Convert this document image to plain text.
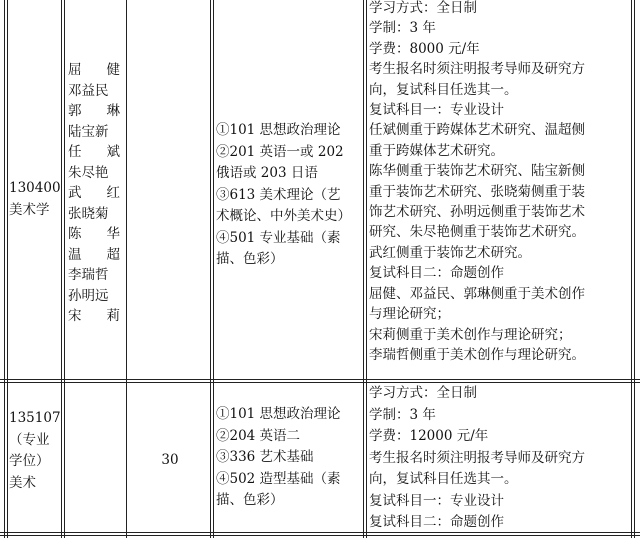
130400
美术学
屈 健
邓益民
郭 琳
陆宝新
任 斌
朱尽艳
武 红
张晓菊
陈 华
温 超
李瑞哲
孙明远
宋 莉
①101 思想政治理论
②201 英语一或 202
俄语或 203 日语
③613 美术理论（艺
术概论、中外美术史）
④501 专业基础（素
描、色彩）
学习方式：全日制
学制：3 年
学费：8000 元/年
考生报名时须注明报考导师及研究方
向，复试科目任选其一。
复试科目一：专业设计
任斌侧重于跨媒体艺术研究、温超侧
重于跨媒体艺术研究。
陈华侧重于装饰艺术研究、陆宝新侧
重于装饰艺术研究、张晓菊侧重于装
饰艺术研究、孙明远侧重于装饰艺术
研究、朱尽艳侧重于装饰艺术研究。
武红侧重于装饰艺术研究。
复试科目二：命题创作
屈健、邓益民、郭琳侧重于美术创作
与理论研究；
宋莉侧重于美术创作与理论研究；
李瑞哲侧重于美术创作与理论研究。
135107
（专业
学位）
美术
30
①101 思想政治理论
②204 英语二
③336 艺术基础
④502 造型基础（素
描、色彩）
学习方式：全日制
学制：3 年
学费：12000 元/年
考生报名时须注明报考导师及研究方
向，复试科目任选其一。
复试科目一：专业设计
复试科目二：命题创作
